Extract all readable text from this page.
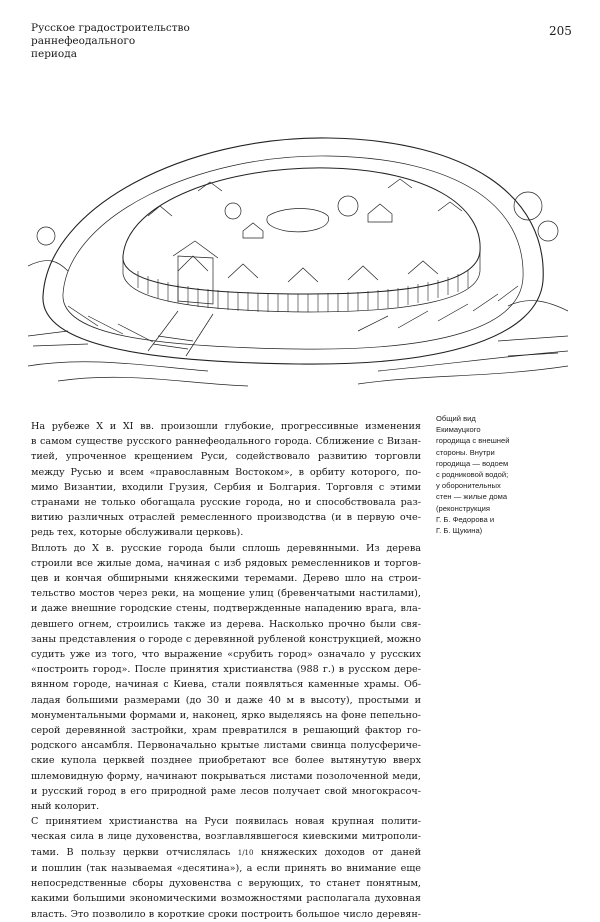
Русское градостроительство раннефеодального
периода
205
Общий вид
Екимауцкого
городища с внешней
стороны. Внутри
городища — водоем
с родниковой водой;
у оборонительных
стен — жилые дома
(реконструкция
Г. Б. Федорова и
Г. Б. Щукина)

На рубеже X и XI вв. произошли глубокие, прогрессивные изменения
в самом существе русского раннефеодального города. Сближение с Визан-
тией, упроченное крещением Руси, содействовало развитию торговли
между Русью и всем «православным Востоком», в орбиту которого, по-
мимо Византии, входили Грузия, Сербия и Болгария. Торговля с этими
странами не только обогащала русские города, но и способствовала раз-
витию различных отраслей ремесленного производства (и в первую оче-
редь тех, которые обслуживали церковь).

Вплоть до X в. русские города были сплошь деревянными. Из дерева
строили все жилые дома, начиная с изб рядовых ремесленников и торгов-
цев и кончая обширными княжескими теремами. Дерево шло на строи-
тельство мостов через реки, на мощение улиц (бревенчатыми настилами),
и даже внешние городские стены, подтвержденные нападению врага, вла-
девшего огнем, строились также из дерева. Насколько прочно были свя-
заны представления о городе с деревянной рубленой конструкцией, можно
судить уже из того, что выражение «срубить город» означало у русских
«построить город». После принятия христианства (988 г.) в русском дере-
вянном городе, начиная с Киева, стали появляться каменные храмы. Об-
ладая большими размерами (до 30 и даже 40 м в высоту), простыми и
монументальными формами и, наконец, ярко выделяясь на фоне пепельно-
серой деревянной застройки, храм превратился в решающий фактор го-
родского ансамбля. Первоначально крытые листами свинца полусфериче-
ские купола церквей позднее приобретают все более вытянутую вверх
шлемовидную форму, начинают покрываться листами позолоченной меди,
и русский город в его природной раме лесов получает свой многокрасоч-
ный колорит.

С принятием христианства на Руси появилась новая крупная полити-
ческая сила в лице духовенства, возглавлявшегося киевскими митрополи-
тами. В пользу церкви отчислялась 1/10 княжеских доходов от даней
и пошлин (так называемая «десятина»), а если принять во внимание еще
непосредственные сборы духовенства с верующих, то станет понятным,
какими большими экономическими возможностями располагала духовная
власть. Это позволило в короткие сроки построить большое число деревян-
